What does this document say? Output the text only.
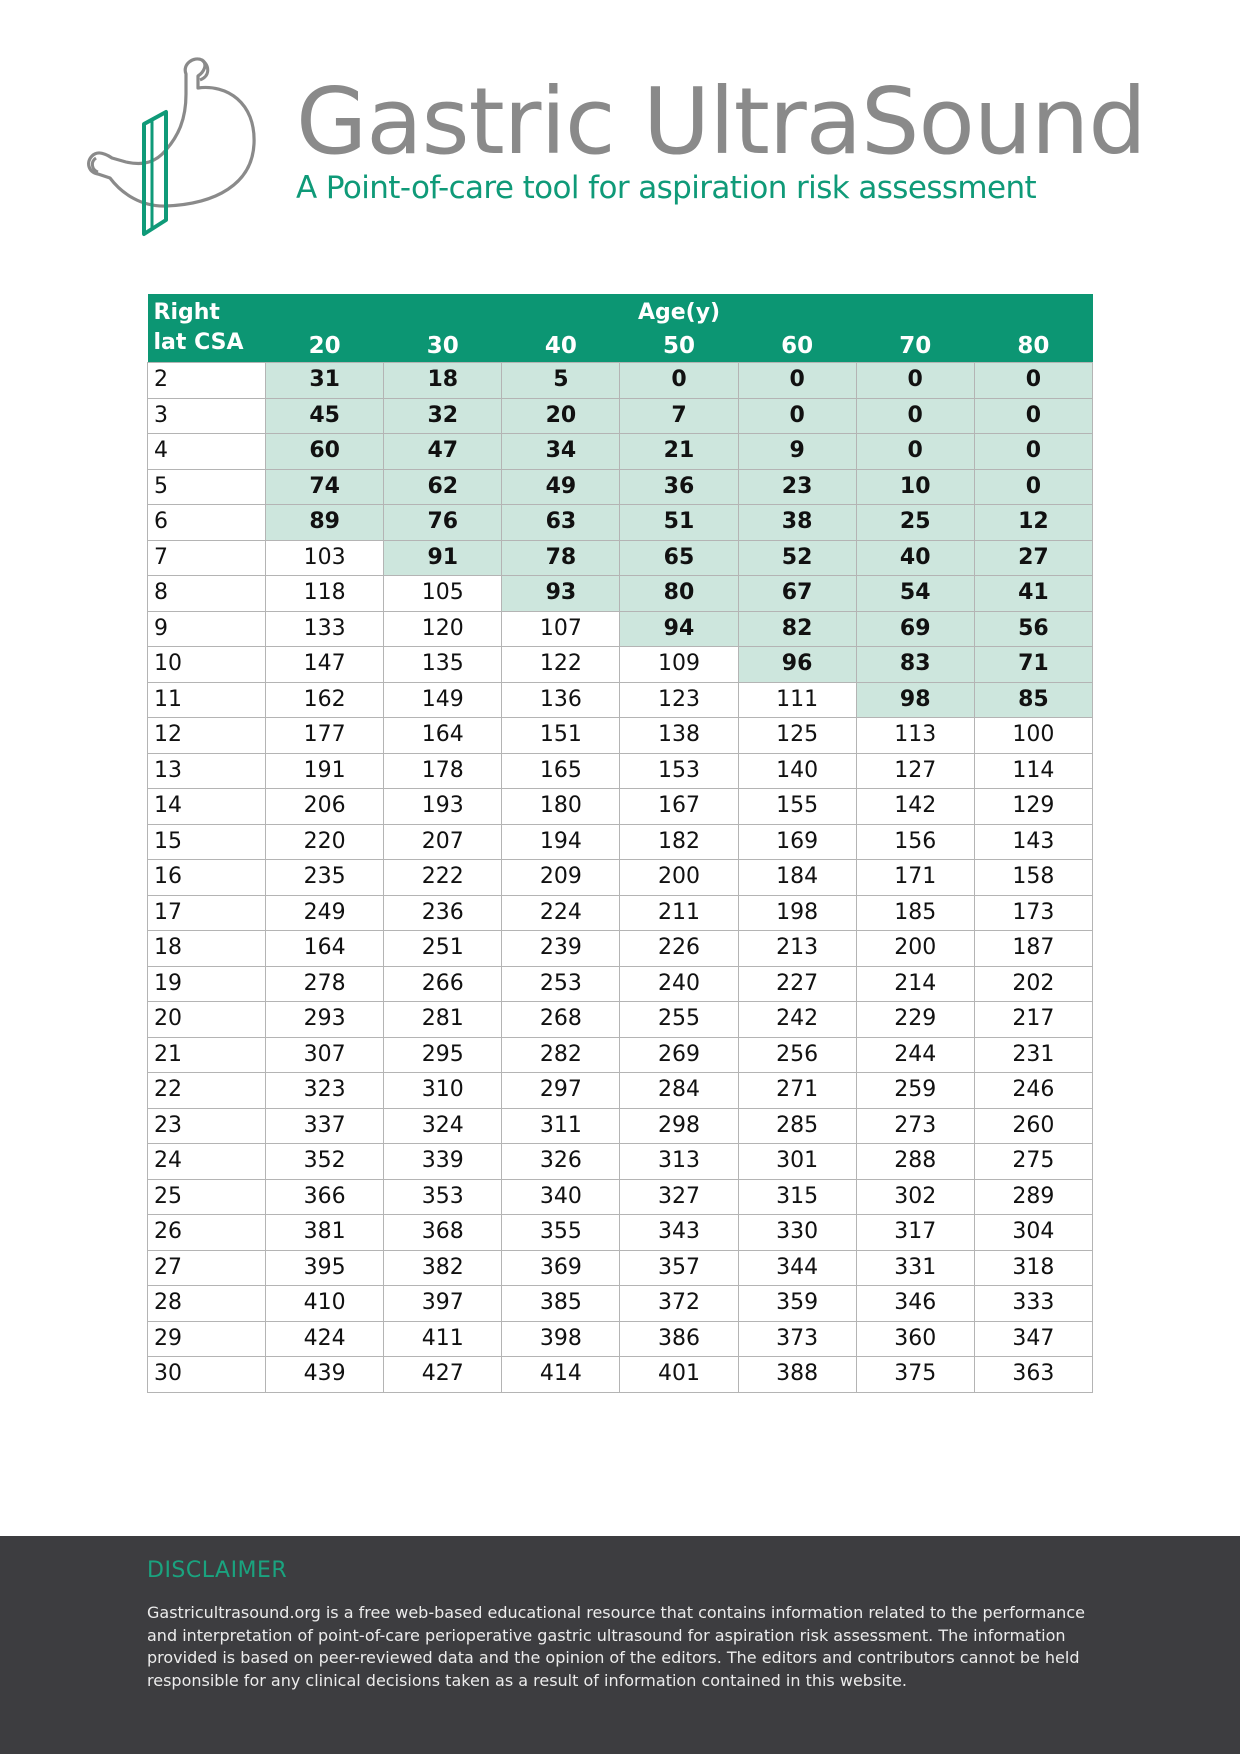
Gastric UltraSound
A Point-of-care tool for aspiration risk assessment
Right
lat CSA	Age(y)						
	20	30	40	50	60	70	80
2	31	18	5	0	0	0	0
3	45	32	20	7	0	0	0
4	60	47	34	21	9	0	0
5	74	62	49	36	23	10	0
6	89	76	63	51	38	25	12
7	103	91	78	65	52	40	27
8	118	105	93	80	67	54	41
9	133	120	107	94	82	69	56
10	147	135	122	109	96	83	71
11	162	149	136	123	111	98	85
12	177	164	151	138	125	113	100
13	191	178	165	153	140	127	114
14	206	193	180	167	155	142	129
15	220	207	194	182	169	156	143
16	235	222	209	200	184	171	158
17	249	236	224	211	198	185	173
18	164	251	239	226	213	200	187
19	278	266	253	240	227	214	202
20	293	281	268	255	242	229	217
21	307	295	282	269	256	244	231
22	323	310	297	284	271	259	246
23	337	324	311	298	285	273	260
24	352	339	326	313	301	288	275
25	366	353	340	327	315	302	289
26	381	368	355	343	330	317	304
27	395	382	369	357	344	331	318
28	410	397	385	372	359	346	333
29	424	411	398	386	373	360	347
30	439	427	414	401	388	375	363
DISCLAIMER
Gastricultrasound.org is a free web-based educational resource that contains information related to the performance and interpretation of point-of-care perioperative gastric ultrasound for aspiration risk assessment. The information provided is based on peer-reviewed data and the opinion of the editors. The editors and contributors cannot be held responsible for any clinical decisions taken as a result of information contained in this website.
